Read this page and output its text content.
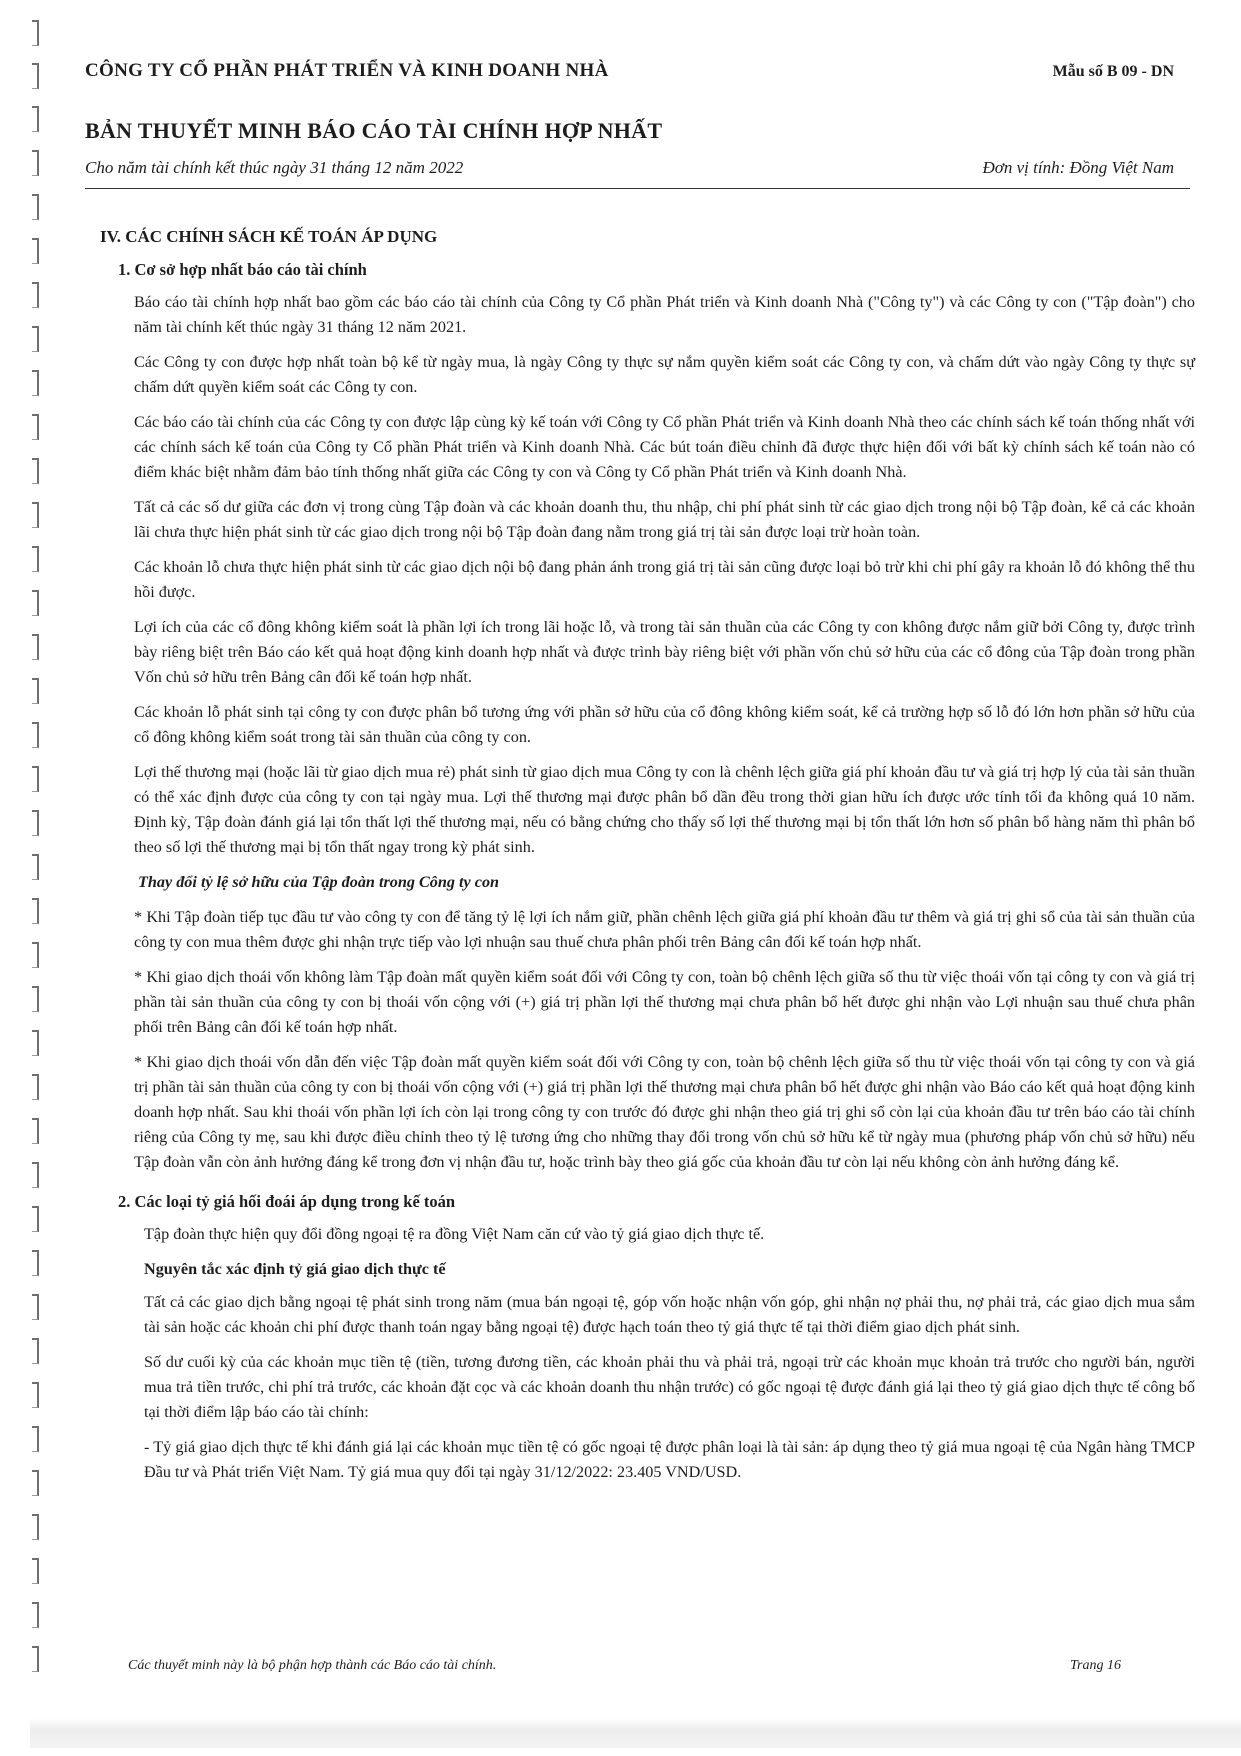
CÔNG TY CỔ PHẦN PHÁT TRIỂN VÀ KINH DOANH NHÀ	Mẫu số B 09 - DN
BẢN THUYẾT MINH BÁO CÁO TÀI CHÍNH HỢP NHẤT
Cho năm tài chính kết thúc ngày 31 tháng 12 năm 2022	Đơn vị tính: Đồng Việt Nam
IV. CÁC CHÍNH SÁCH KẾ TOÁN ÁP DỤNG
1. Cơ sở hợp nhất báo cáo tài chính

Báo cáo tài chính hợp nhất bao gồm các báo cáo tài chính của Công ty Cổ phần Phát triển và Kinh doanh Nhà ("Công ty") và các Công ty con ("Tập đoàn") cho năm tài chính kết thúc ngày 31 tháng 12 năm 2021.

Các Công ty con được hợp nhất toàn bộ kể từ ngày mua, là ngày Công ty thực sự nắm quyền kiểm soát các Công ty con, và chấm dứt vào ngày Công ty thực sự chấm dứt quyền kiểm soát các Công ty con.

Các báo cáo tài chính của các Công ty con được lập cùng kỳ kế toán với Công ty Cổ phần Phát triển và Kinh doanh Nhà theo các chính sách kế toán thống nhất với các chính sách kế toán của Công ty Cổ phần Phát triển và Kinh doanh Nhà. Các bút toán điều chỉnh đã được thực hiện đối với bất kỳ chính sách kế toán nào có điểm khác biệt nhằm đảm bảo tính thống nhất giữa các Công ty con và Công ty Cổ phần Phát triển và Kinh doanh Nhà.

Tất cả các số dư giữa các đơn vị trong cùng Tập đoàn và các khoản doanh thu, thu nhập, chi phí phát sinh từ các giao dịch trong nội bộ Tập đoàn, kể cả các khoản lãi chưa thực hiện phát sinh từ các giao dịch trong nội bộ Tập đoàn đang nằm trong giá trị tài sản được loại trừ hoàn toàn.

Các khoản lỗ chưa thực hiện phát sinh từ các giao dịch nội bộ đang phản ánh trong giá trị tài sản cũng được loại bỏ trừ khi chi phí gây ra khoản lỗ đó không thể thu hồi được.

Lợi ích của các cổ đông không kiểm soát là phần lợi ích trong lãi hoặc lỗ, và trong tài sản thuần của các Công ty con không được nắm giữ bởi Công ty, được trình bày riêng biệt trên Báo cáo kết quả hoạt động kinh doanh hợp nhất và được trình bày riêng biệt với phần vốn chủ sở hữu của các cổ đông của Tập đoàn trong phần Vốn chủ sở hữu trên Bảng cân đối kế toán hợp nhất.

Các khoản lỗ phát sinh tại công ty con được phân bổ tương ứng với phần sở hữu của cổ đông không kiểm soát, kể cả trường hợp số lỗ đó lớn hơn phần sở hữu của cổ đông không kiểm soát trong tài sản thuần của công ty con.

Lợi thế thương mại (hoặc lãi từ giao dịch mua rẻ) phát sinh từ giao dịch mua Công ty con là chênh lệch giữa giá phí khoản đầu tư và giá trị hợp lý của tài sản thuần có thể xác định được của công ty con tại ngày mua. Lợi thế thương mại được phân bổ dần đều trong thời gian hữu ích được ước tính tối đa không quá 10 năm. Định kỳ, Tập đoàn đánh giá lại tổn thất lợi thế thương mại, nếu có bằng chứng cho thấy số lợi thế thương mại bị tổn thất lớn hơn số phân bổ hàng năm thì phân bổ theo số lợi thế thương mại bị tổn thất ngay trong kỳ phát sinh.

Thay đổi tỷ lệ sở hữu của Tập đoàn trong Công ty con

* Khi Tập đoàn tiếp tục đầu tư vào công ty con để tăng tỷ lệ lợi ích nắm giữ, phần chênh lệch giữa giá phí khoản đầu tư thêm và giá trị ghi sổ của tài sản thuần của công ty con mua thêm được ghi nhận trực tiếp vào lợi nhuận sau thuế chưa phân phối trên Bảng cân đối kế toán hợp nhất.

* Khi giao dịch thoái vốn không làm Tập đoàn mất quyền kiểm soát đối với Công ty con, toàn bộ chênh lệch giữa số thu từ việc thoái vốn tại công ty con và giá trị phần tài sản thuần của công ty con bị thoái vốn cộng với (+) giá trị phần lợi thế thương mại chưa phân bổ hết được ghi nhận vào Lợi nhuận sau thuế chưa phân phối trên Bảng cân đối kế toán hợp nhất.

* Khi giao dịch thoái vốn dẫn đến việc Tập đoàn mất quyền kiểm soát đối với Công ty con, toàn bộ chênh lệch giữa số thu từ việc thoái vốn tại công ty con và giá trị phần tài sản thuần của công ty con bị thoái vốn cộng với (+) giá trị phần lợi thế thương mại chưa phân bổ hết được ghi nhận vào Báo cáo kết quả hoạt động kinh doanh hợp nhất. Sau khi thoái vốn phần lợi ích còn lại trong công ty con trước đó được ghi nhận theo giá trị ghi sổ còn lại của khoản đầu tư trên báo cáo tài chính riêng của Công ty mẹ, sau khi được điều chỉnh theo tỷ lệ tương ứng cho những thay đổi trong vốn chủ sở hữu kể từ ngày mua (phương pháp vốn chủ sở hữu) nếu Tập đoàn vẫn còn ảnh hưởng đáng kể trong đơn vị nhận đầu tư, hoặc trình bày theo giá gốc của khoản đầu tư còn lại nếu không còn ảnh hưởng đáng kể.

2. Các loại tỷ giá hối đoái áp dụng trong kế toán

Tập đoàn thực hiện quy đổi đồng ngoại tệ ra đồng Việt Nam căn cứ vào tỷ giá giao dịch thực tế.

Nguyên tắc xác định tỷ giá giao dịch thực tế

Tất cả các giao dịch bằng ngoại tệ phát sinh trong năm (mua bán ngoại tệ, góp vốn hoặc nhận vốn góp, ghi nhận nợ phải thu, nợ phải trả, các giao dịch mua sắm tài sản hoặc các khoản chi phí được thanh toán ngay bằng ngoại tệ) được hạch toán theo tỷ giá thực tế tại thời điểm giao dịch phát sinh.

Số dư cuối kỳ của các khoản mục tiền tệ (tiền, tương đương tiền, các khoản phải thu và phải trả, ngoại trừ các khoản mục khoản trả trước cho người bán, người mua trả tiền trước, chi phí trả trước, các khoản đặt cọc và các khoản doanh thu nhận trước) có gốc ngoại tệ được đánh giá lại theo tỷ giá giao dịch thực tế công bố tại thời điểm lập báo cáo tài chính:

- Tỷ giá giao dịch thực tế khi đánh giá lại các khoản mục tiền tệ có gốc ngoại tệ được phân loại là tài sản: áp dụng theo tỷ giá mua ngoại tệ của Ngân hàng TMCP Đầu tư và Phát triển Việt Nam. Tỷ giá mua quy đổi tại ngày 31/12/2022: 23.405 VND/USD.

Các thuyết minh này là bộ phận hợp thành các Báo cáo tài chính.	Trang 16
